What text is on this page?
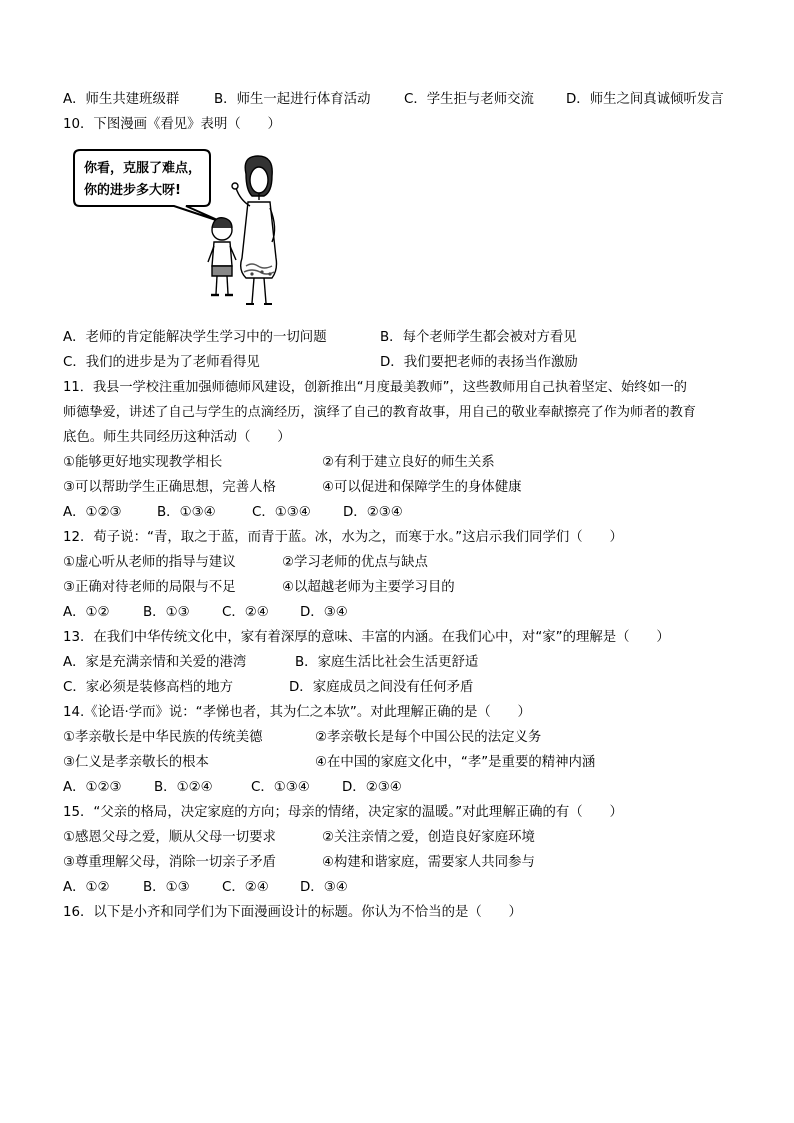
A．师生共建班级群	B．师生一起进行体育活动	C．学生拒与老师交流 D．师生之间真诚倾听发言
10．下图漫画《看见》表明（　　）
你看，克服了难点，
你的进步多大呀!
A．老师的肯定能解决学生学习中的一切问题	B．每个老师学生都会被对方看见
C．我们的进步是为了老师看得见	D．我们要把老师的表扬当作激励
11．我县一学校注重加强师德师风建设，创新推出“月度最美教师”，这些教师用自己执着坚定、始终如一的
师德挚爱，讲述了自己与学生的点滴经历，演绎了自己的教育故事，用自己的敬业奉献擦亮了作为师者的教育
底色。师生共同经历这种活动（　　）
①能够更好地实现教学相长	②有利于建立良好的师生关系
③可以帮助学生正确思想，完善人格	④可以促进和保障学生的身体健康
A．①②③	B．①③④	C．①③④ D．②③④
12．荀子说：“青，取之于蓝，而青于蓝。冰，水为之，而寒于水。”这启示我们同学们（　　）
①虚心听从老师的指导与建议	②学习老师的优点与缺点
③正确对待老师的局限与不足	④以超越老师为主要学习目的
A．①② B．①③ C．②④ D．③④
13．在我们中华传统文化中，家有着深厚的意味、丰富的内涵。在我们心中，对“家”的理解是（　　）
A．家是充满亲情和关爱的港湾	B．家庭生活比社会生活更舒适
C．家必须是装修高档的地方	D．家庭成员之间没有任何矛盾
14.《论语·学而》说：“孝悌也者，其为仁之本欤”。对此理解正确的是（　　）
①孝亲敬长是中华民族的传统美德	②孝亲敬长是每个中国公民的法定义务
③仁义是孝亲敬长的根本	④在中国的家庭文化中，“孝”是重要的精神内涵
A．①②③ B．①②④	C．①③④ D．②③④
15．“父亲的格局，决定家庭的方向；母亲的情绪，决定家的温暖。”对此理解正确的有（　　）
①感恩父母之爱，顺从父母一切要求	②关注亲情之爱，创造良好家庭环境
③尊重理解父母，消除一切亲子矛盾	④构建和谐家庭，需要家人共同参与
A．①② B．①③ C．②④ D．③④
16．以下是小齐和同学们为下面漫画设计的标题。你认为不恰当的是（　　）
